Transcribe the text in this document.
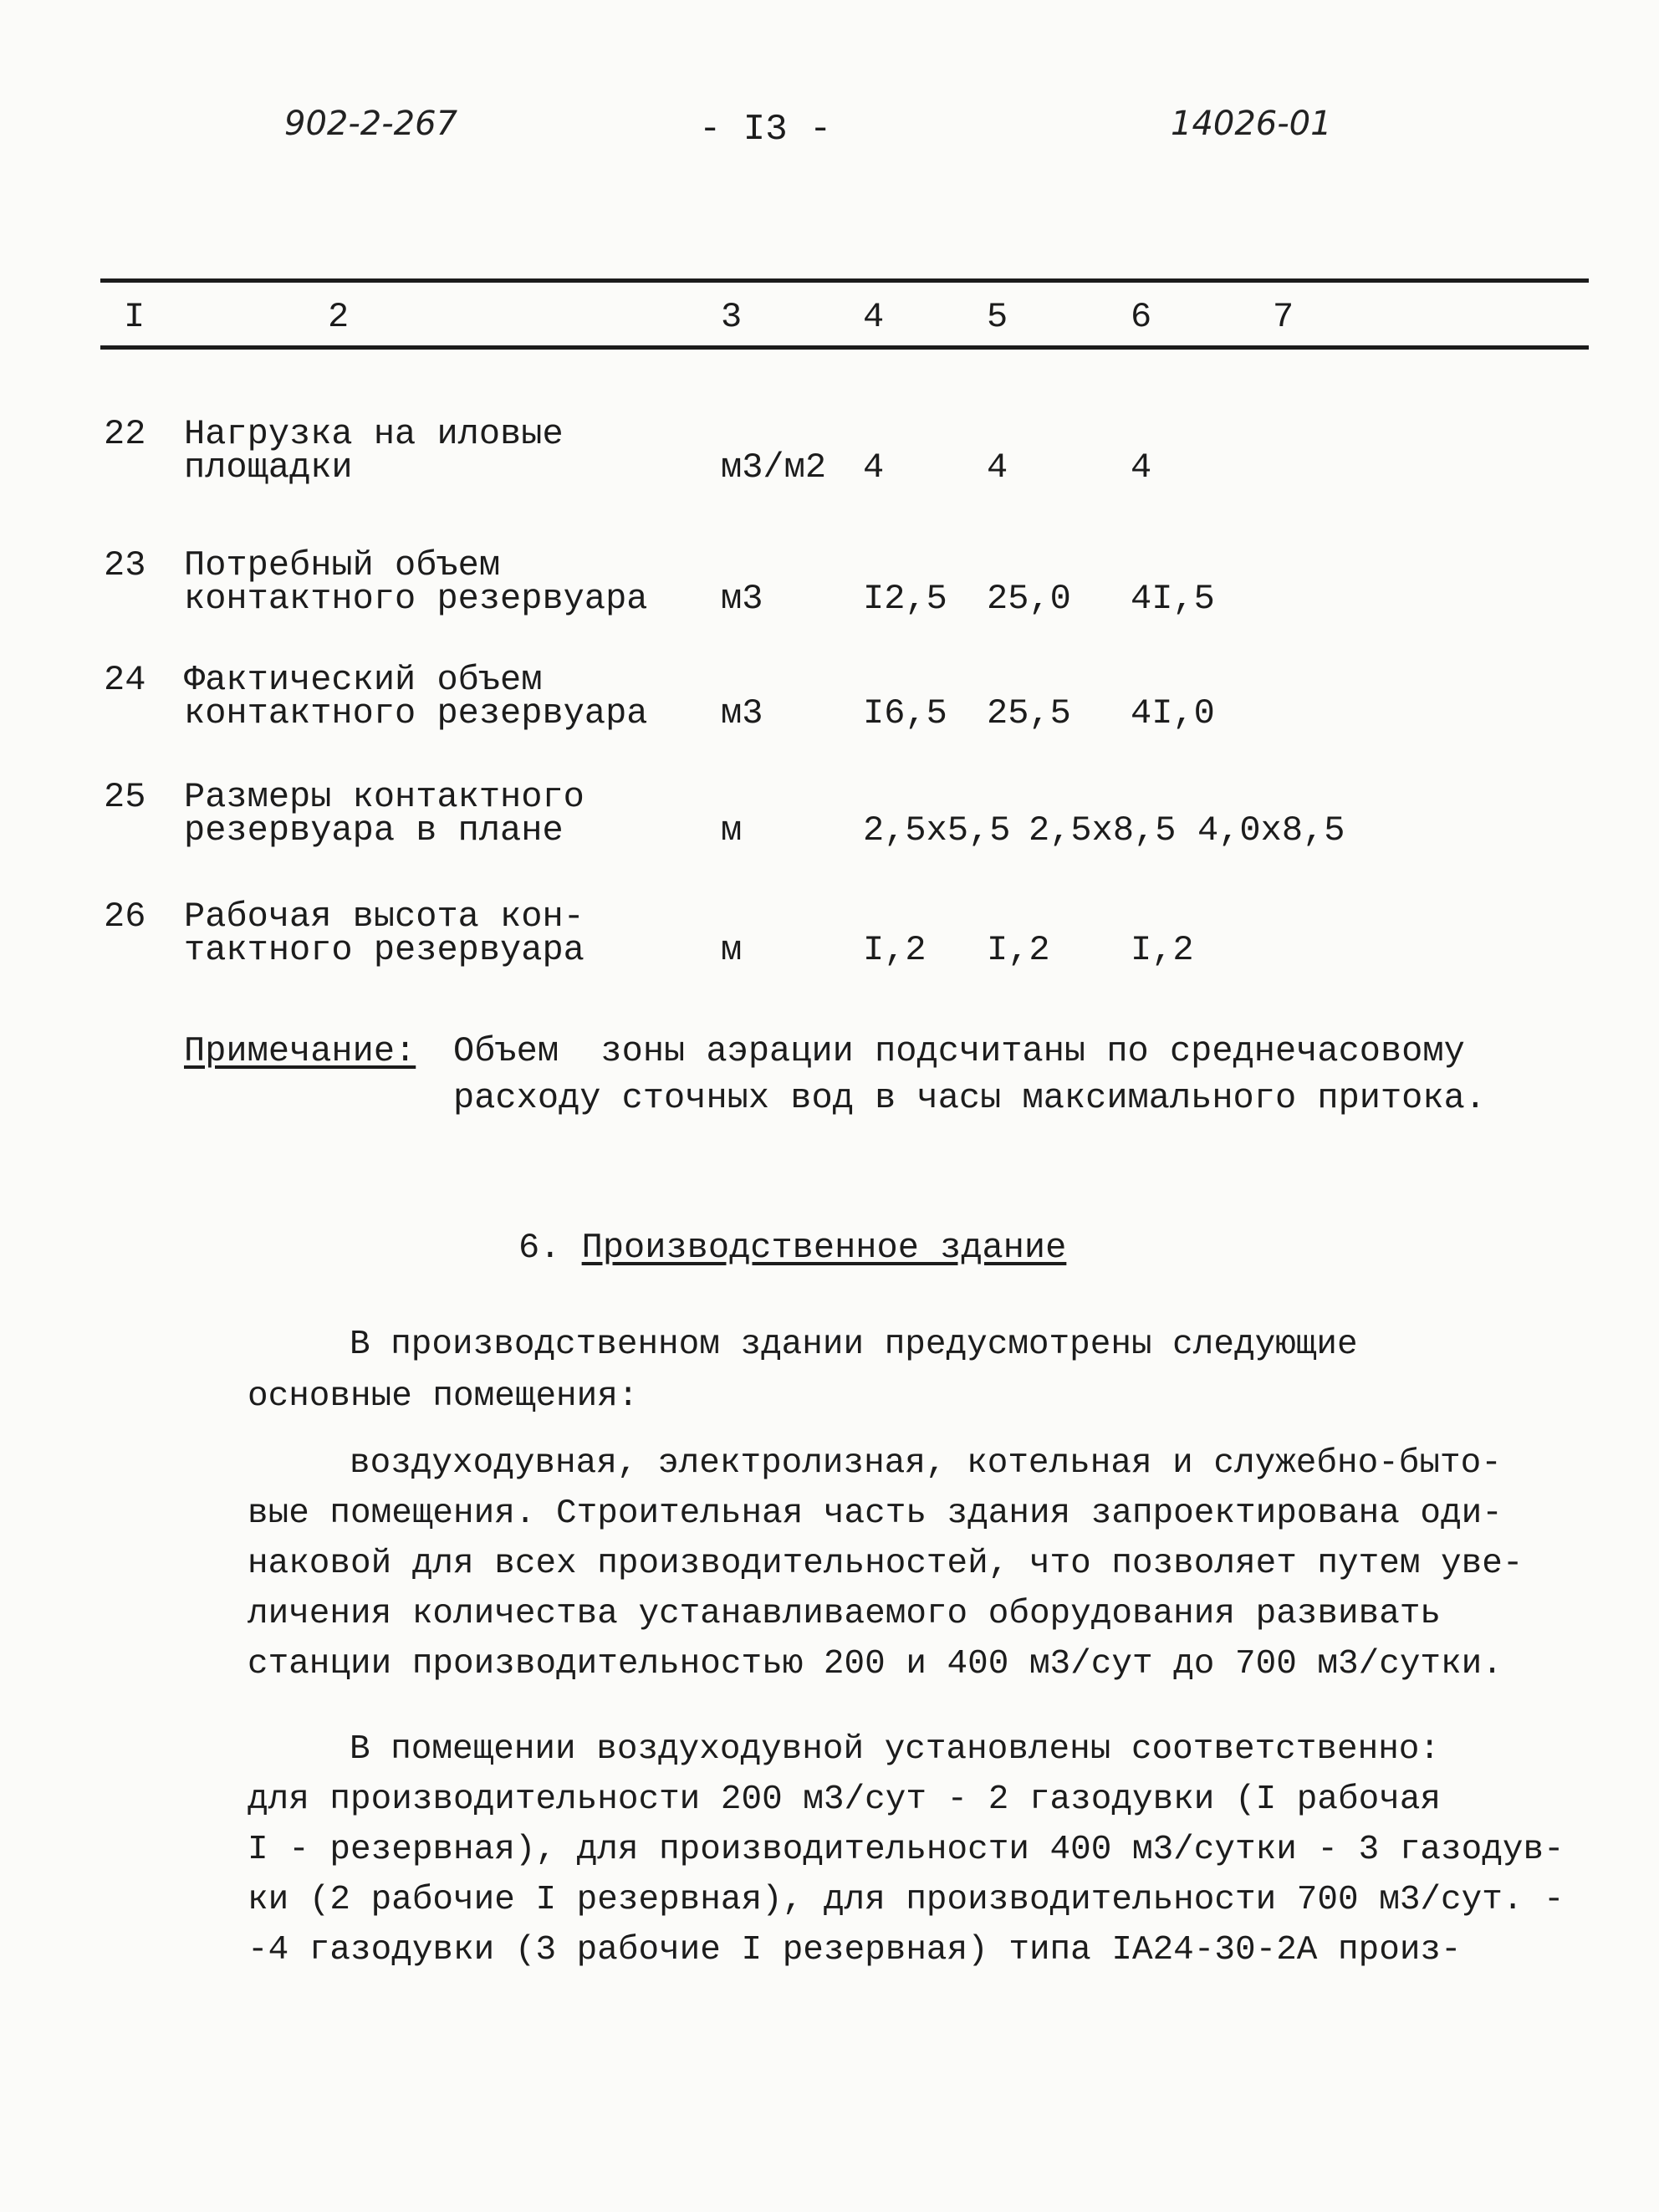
902-2-267	- I3 -	14026-01
I	2	3	4	5	6	7
22 Нагрузка на иловые
площадки	м3/м2 4	4	4
23 Потребный объем
контактного резервуара м3	I2,5 25,0 4I,5
24 Фактический объем
контактного резервуара м3	I6,5 25,5 4I,0
25 Размеры контактного
резервуара в плане	м	2,5х5,5 2,5х8,5 4,0х8,5
26 Рабочая высота кон-
тактного резервуара	м	I,2 I,2 I,2
Примечание: Объем  зоны аэрации подсчитаны по среднечасовому
расходу сточных вод в часы максимального притока.
6. Производственное здание
В производственном здании предусмотрены следующие
основные помещения:
воздуходувная, электролизная, котельная и служебно-быто-
вые помещения. Строительная часть здания запроектирована оди-
наковой для всех производительностей, что позволяет путем уве-
личения количества устанавливаемого оборудования развивать
станции производительностью 200 и 400 м3/сут до 700 м3/сутки.
В помещении воздуходувной установлены соответственно:
для производительности 200 м3/сут - 2 газодувки (I рабочая
I - резервная), для производительности 400 м3/сутки - 3 газодув-
ки (2 рабочие I резервная), для производительности 700 м3/сут. -
-4 газодувки (3 рабочие I резервная) типа IA24-30-2A произ-
